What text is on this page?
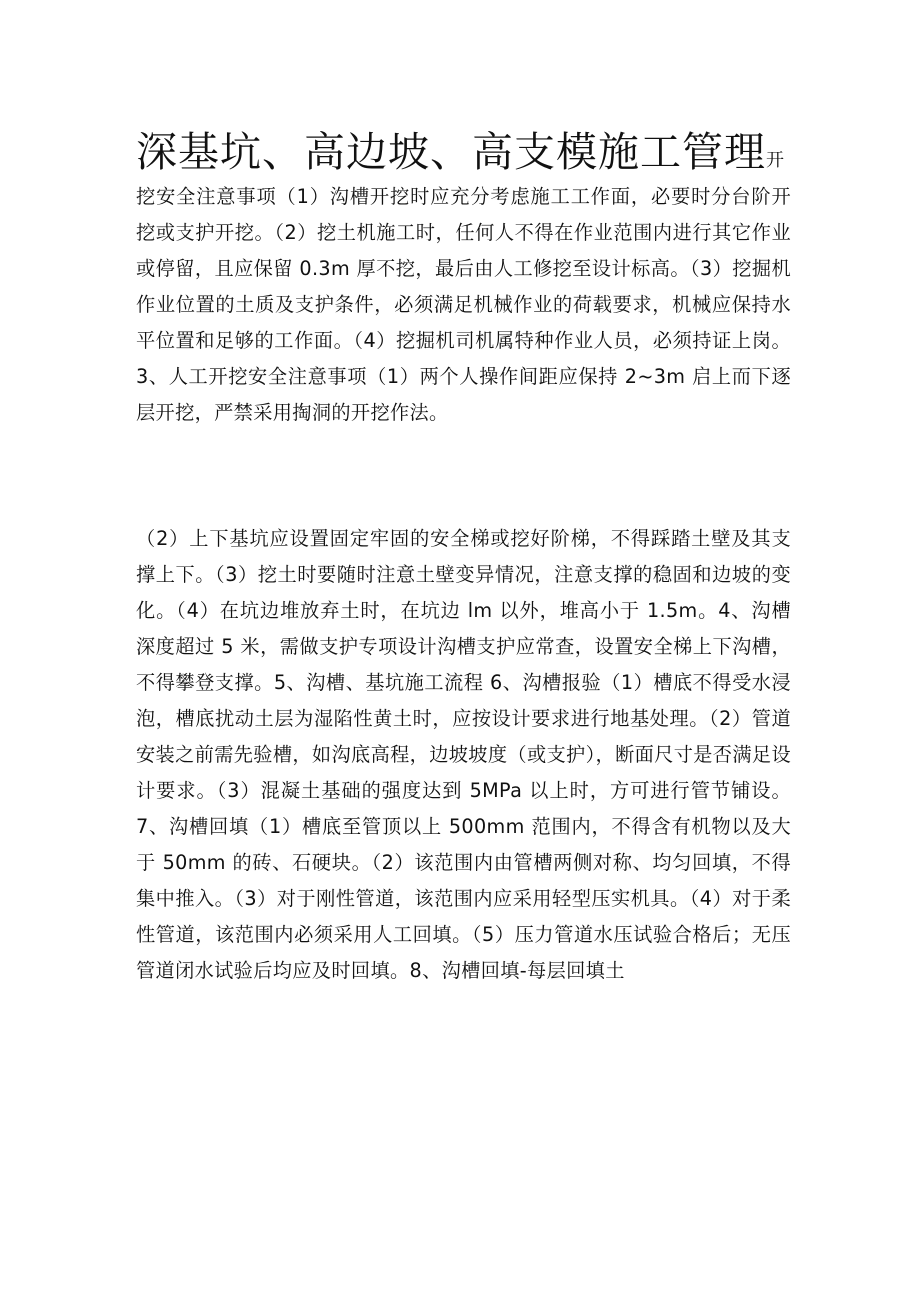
深基坑、高边坡、高支模施工管理开
挖安全注意事项（1）沟槽开挖时应充分考虑施工工作面，必要时分台阶开挖或支护开挖。（2）挖土机施工时，任何人不得在作业范围内进行其它作业或停留，且应保留 0.3m 厚不挖，最后由人工修挖至设计标高。（3）挖掘机作业位置的土质及支护条件，必须满足机械作业的荷载要求，机械应保持水平位置和足够的工作面。（4）挖掘机司机属特种作业人员，必须持证上岗。3、人工开挖安全注意事项（1）两个人操作间距应保持 2~3m 启上而下逐层开挖，严禁采用掏洞的开挖作法。
（2）上下基坑应设置固定牢固的安全梯或挖好阶梯，不得踩踏土壁及其支撑上下。（3）挖土时要随时注意土壁变异情况，注意支撑的稳固和边坡的变化。（4）在坑边堆放弃土时，在坑边 lm 以外，堆高小于 1.5m。4、沟槽深度超过 5 米，需做支护专项设计沟槽支护应常查，设置安全梯上下沟槽，不得攀登支撑。5、沟槽、基坑施工流程 6、沟槽报验（1）槽底不得受水浸泡，槽底扰动土层为湿陷性黄土时，应按设计要求进行地基处理。（2）管道安装之前需先验槽，如沟底高程，边坡坡度（或支护），断面尺寸是否满足设计要求。（3）混凝土基础的强度达到 5MPa 以上时，方可进行管节铺设。7、沟槽回填（1）槽底至管顶以上 500mm 范围内，不得含有机物以及大于 50mm 的砖、石硬块。（2）该范围内由管槽两侧对称、均匀回填，不得集中推入。（3）对于刚性管道，该范围内应采用轻型压实机具。（4）对于柔性管道，该范围内必须采用人工回填。（5）压力管道水压试验合格后；无压管道闭水试验后均应及时回填。8、沟槽回填-每层回填土
